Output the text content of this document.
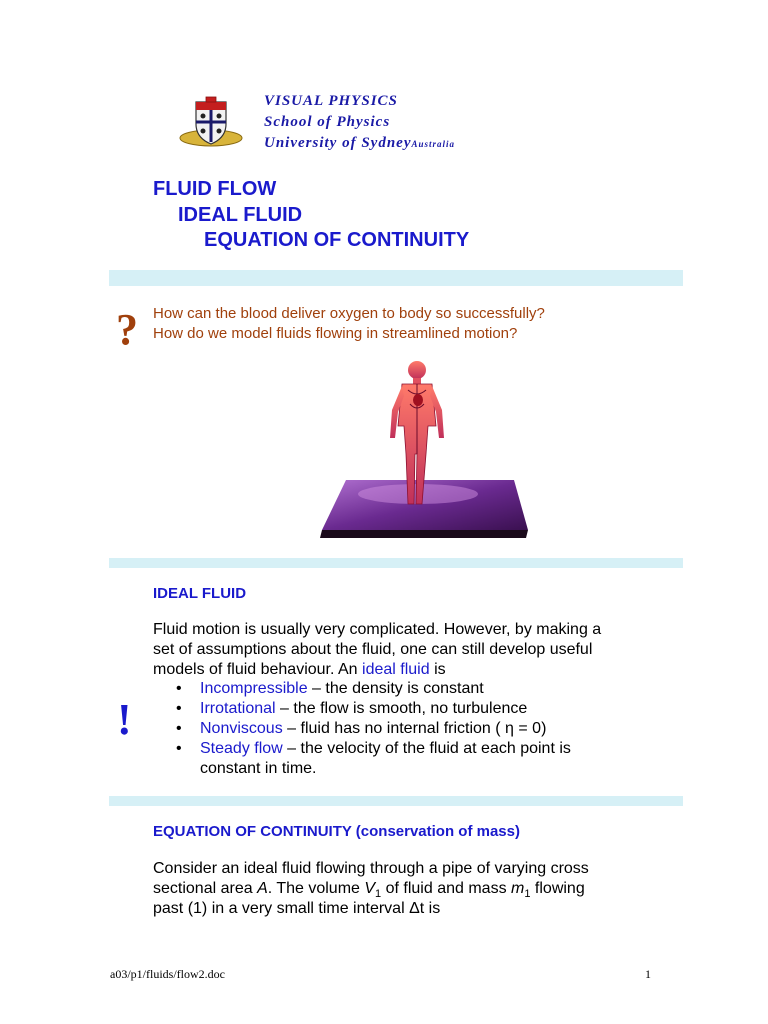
VISUAL PHYSICS
School of Physics
University of SydneyAustralia
FLUID FLOW
IDEAL FLUID
EQUATION OF CONTINUITY
? How can the blood deliver oxygen to body so successfully?
How do we model fluids flowing in streamlined motion?
IDEAL FLUID
Fluid motion is usually very complicated. However, by making a
set of assumptions about the fluid, one can still develop useful
models of fluid behaviour. An ideal fluid is
!
• Incompressible – the density is constant
• Irrotational – the flow is smooth, no turbulence
• Nonviscous – fluid has no internal friction ( η = 0)
• Steady flow – the velocity of the fluid at each point is
constant in time.
EQUATION OF CONTINUITY (conservation of mass)
Consider an ideal fluid flowing through a pipe of varying cross
sectional area A. The volume $V_1$ of fluid and mass $m_1$ flowing
past (1) in a very small time interval Δt is
a03/p1/fluids/flow2.doc	1
